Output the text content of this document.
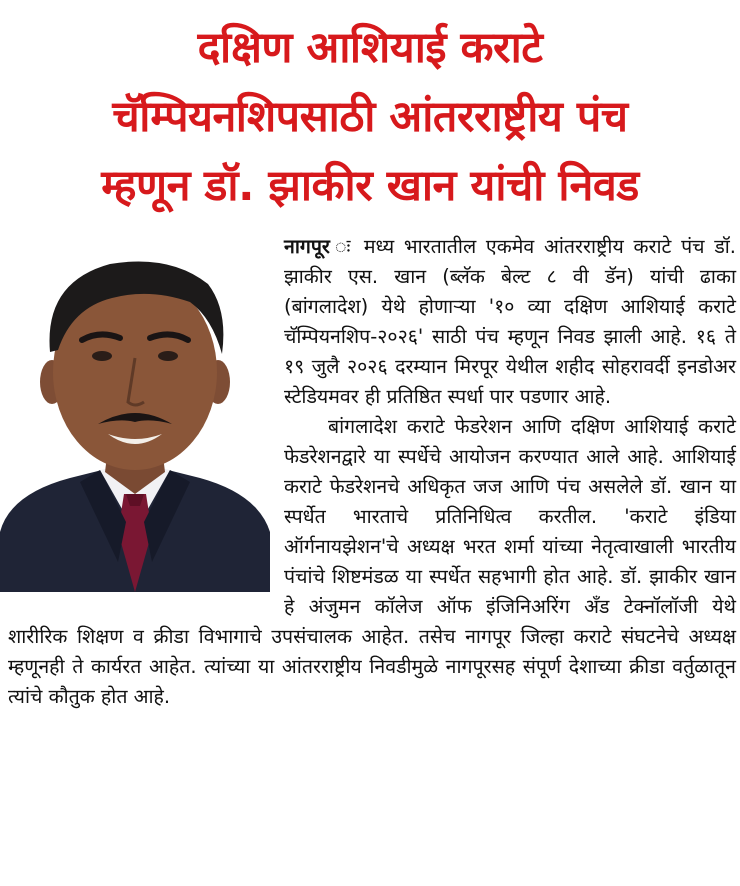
दक्षिण आशियाई कराटे
चॅम्पियनशिपसाठी आंतरराष्ट्रीय पंच
म्हणून डॉ. झाकीर खान यांची निवड

नागपूर ः मध्य भारतातील एकमेव आंतरराष्ट्रीय कराटे पंच डॉ. झाकीर एस. खान (ब्लॅक बेल्ट ८ वी डॅन) यांची ढाका (बांगलादेश) येथे होणाऱ्या '१० व्या दक्षिण आशियाई कराटे चॅम्पियनशिप-२०२६' साठी पंच म्हणून निवड झाली आहे. १६ ते १९ जुलै २०२६ दरम्यान मिरपूर येथील शहीद सोहरावर्दी इनडोअर स्टेडियमवर ही प्रतिष्ठित स्पर्धा पार पडणार आहे.

बांगलादेश कराटे फेडरेशन आणि दक्षिण आशियाई कराटे फेडरेशनद्वारे या स्पर्धेचे आयोजन करण्यात आले आहे. आशियाई कराटे फेडरेशनचे अधिकृत जज आणि पंच असलेले डॉ. खान या स्पर्धेत भारताचे प्रतिनिधित्व करतील. 'कराटे इंडिया ऑर्गनायझेशन'चे अध्यक्ष भरत शर्मा यांच्या नेतृत्वाखाली भारतीय पंचांचे शिष्टमंडळ या स्पर्धेत सहभागी होत आहे. डॉ. झाकीर खान हे अंजुमन कॉलेज ऑफ इंजिनिअरिंग अँड टेक्नॉलॉजी येथे शारीरिक शिक्षण व क्रीडा विभागाचे उपसंचालक आहेत. तसेच नागपूर जिल्हा कराटे संघटनेचे अध्यक्ष म्हणूनही ते कार्यरत आहेत. त्यांच्या या आंतरराष्ट्रीय निवडीमुळे नागपूरसह संपूर्ण देशाच्या क्रीडा वर्तुळातून त्यांचे कौतुक होत आहे.
